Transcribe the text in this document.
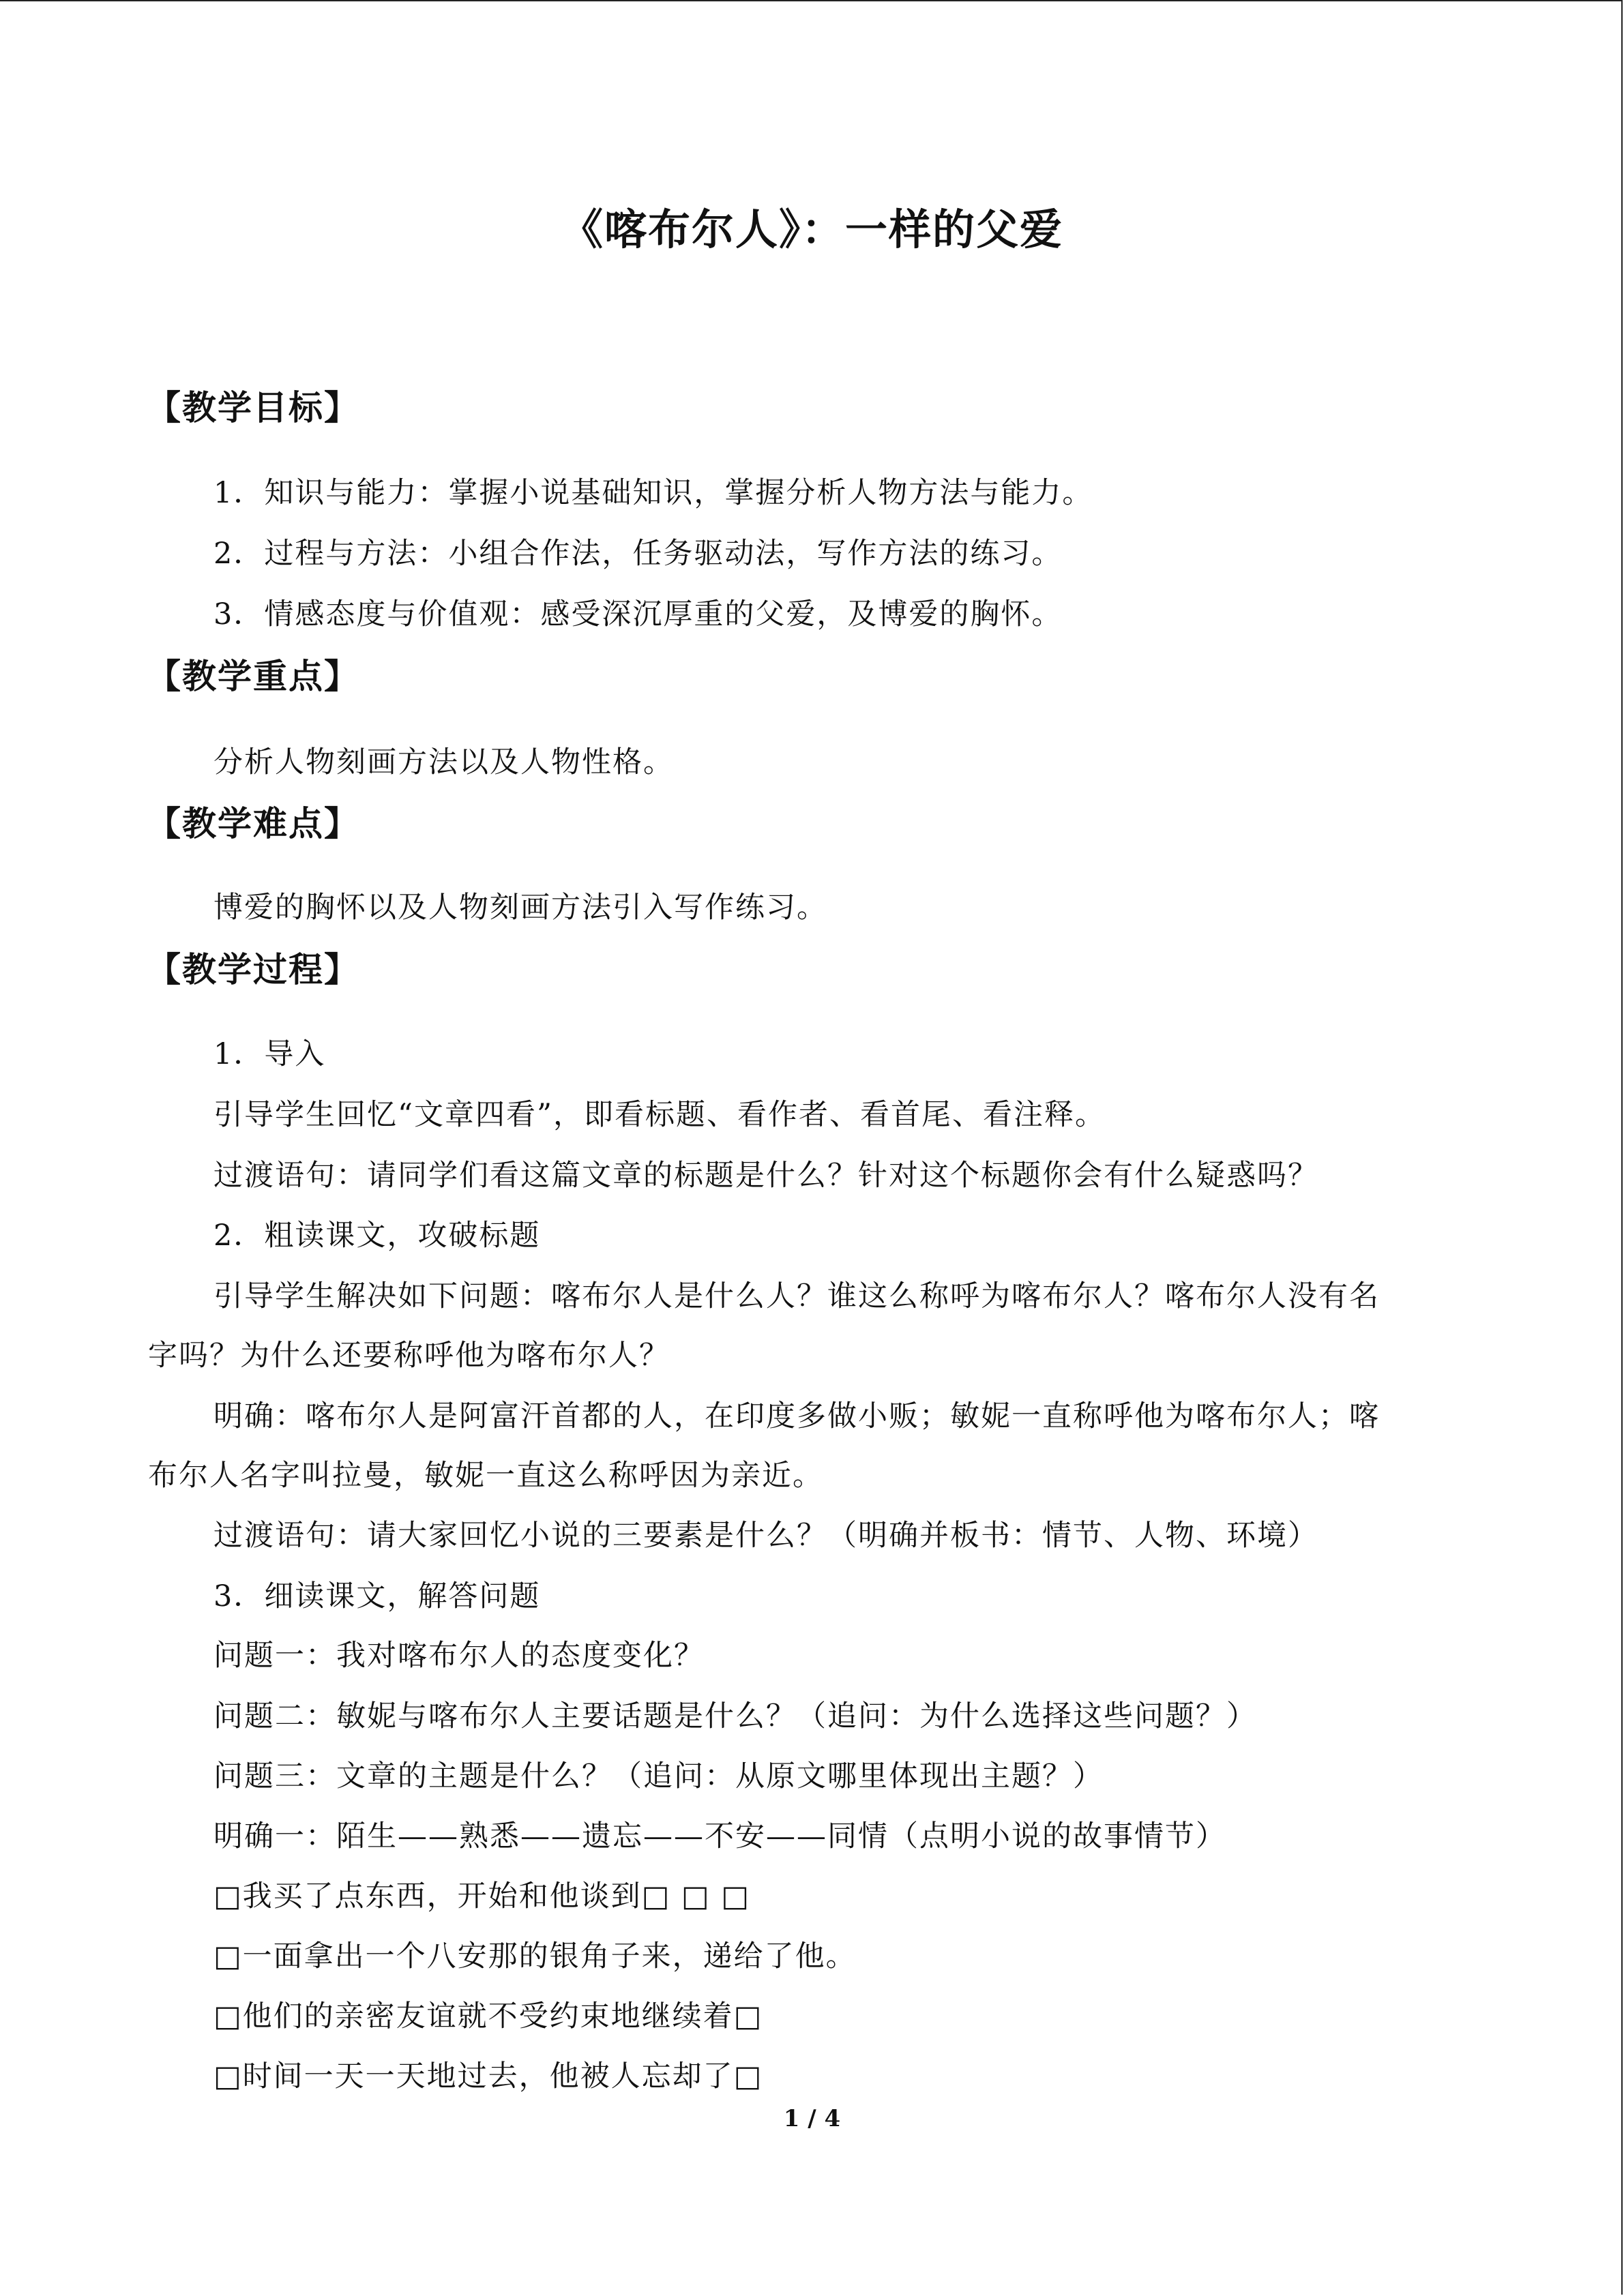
《喀布尔人》：一样的父爱
【教学目标】
1．知识与能力：掌握小说基础知识，掌握分析人物方法与能力。
2．过程与方法：小组合作法，任务驱动法，写作方法的练习。
3．情感态度与价值观：感受深沉厚重的父爱，及博爱的胸怀。
【教学重点】
分析人物刻画方法以及人物性格。
【教学难点】
博爱的胸怀以及人物刻画方法引入写作练习。
【教学过程】
1．导入
引导学生回忆“文章四看”，即看标题、看作者、看首尾、看注释。
过渡语句：请同学们看这篇文章的标题是什么？针对这个标题你会有什么疑惑吗？
2．粗读课文，攻破标题
引导学生解决如下问题：喀布尔人是什么人？谁这么称呼为喀布尔人？喀布尔人没有名
字吗？为什么还要称呼他为喀布尔人？
明确：喀布尔人是阿富汗首都的人，在印度多做小贩；敏妮一直称呼他为喀布尔人；喀
布尔人名字叫拉曼，敏妮一直这么称呼因为亲近。
过渡语句：请大家回忆小说的三要素是什么？（明确并板书：情节、人物、环境）
3．细读课文，解答问题
问题一：我对喀布尔人的态度变化？
问题二：敏妮与喀布尔人主要话题是什么？（追问：为什么选择这些问题？）
问题三：文章的主题是什么？（追问：从原文哪里体现出主题？）
明确一：陌生——熟悉——遗忘——不安——同情（点明小说的故事情节）
□我买了点东西，开始和他谈到□ □ □
□一面拿出一个八安那的银角子来，递给了他。
□他们的亲密友谊就不受约束地继续着□
□时间一天一天地过去，他被人忘却了□
1 / 4
